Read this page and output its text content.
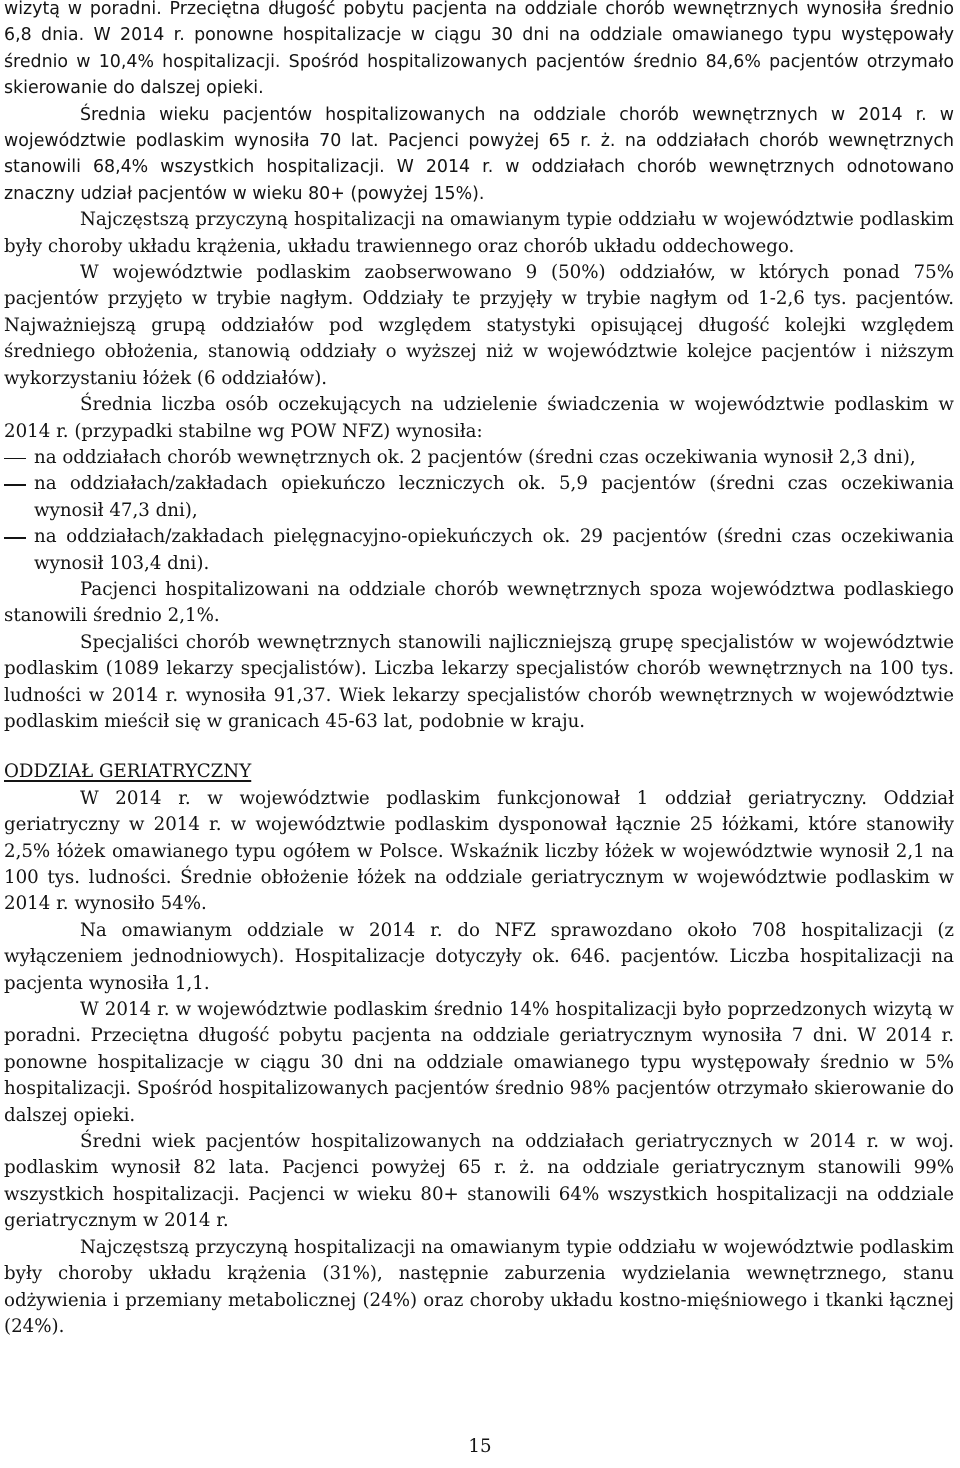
wizytą w poradni. Przeciętna długość pobytu pacjenta na oddziale chorób wewnętrznych wynosiła średnio 6,8 dnia. W 2014 r. ponowne hospitalizacje w ciągu 30 dni na oddziale omawianego typu występowały średnio w 10,4% hospitalizacji. Spośród hospitalizowanych pacjentów średnio 84,6% pacjentów otrzymało skierowanie do dalszej opieki.

Średnia wieku pacjentów hospitalizowanych na oddziale chorób wewnętrznych w 2014 r. w województwie podlaskim wynosiła 70 lat. Pacjenci powyżej 65 r. ż. na oddziałach chorób wewnętrznych stanowili 68,4% wszystkich hospitalizacji. W 2014 r. w oddziałach chorób wewnętrznych odnotowano znaczny udział pacjentów w wieku 80+ (powyżej 15%).

Najczęstszą przyczyną hospitalizacji na omawianym typie oddziału w województwie podlaskim były choroby układu krążenia, układu trawiennego oraz chorób układu oddechowego.

W województwie podlaskim zaobserwowano 9 (50%) oddziałów, w których ponad 75% pacjentów przyjęto w trybie nagłym. Oddziały te przyjęły w trybie nagłym od 1-2,6 tys. pacjentów. Najważniejszą grupą oddziałów pod względem statystyki opisującej długość kolejki względem średniego obłożenia, stanowią oddziały o wyższej niż w województwie kolejce pacjentów i niższym wykorzystaniu łóżek (6 oddziałów).

Średnia liczba osób oczekujących na udzielenie świadczenia w województwie podlaskim w 2014 r. (przypadki stabilne wg POW NFZ) wynosiła:

na oddziałach chorób wewnętrznych ok. 2 pacjentów (średni czas oczekiwania wynosił 2,3 dni),
na oddziałach/zakładach opiekuńczo leczniczych ok. 5,9 pacjentów (średni czas oczekiwania wynosił 47,3 dni),
na oddziałach/zakładach pielęgnacyjno-opiekuńczych ok. 29 pacjentów (średni czas oczekiwania wynosił 103,4 dni).

Pacjenci hospitalizowani na oddziale chorób wewnętrznych spoza województwa podlaskiego stanowili średnio 2,1%.

Specjaliści chorób wewnętrznych stanowili najliczniejszą grupę specjalistów w województwie podlaskim (1089 lekarzy specjalistów). Liczba lekarzy specjalistów chorób wewnętrznych na 100 tys. ludności w 2014 r. wynosiła 91,37. Wiek lekarzy specjalistów chorób wewnętrznych w województwie podlaskim mieścił się w granicach 45-63 lat, podobnie w kraju.

ODDZIAŁ GERIATRYCZNY

W 2014 r. w województwie podlaskim funkcjonował 1 oddział geriatryczny. Oddział geriatryczny w 2014 r. w województwie podlaskim dysponował łącznie 25 łóżkami, które stanowiły 2,5% łóżek omawianego typu ogółem w Polsce. Wskaźnik liczby łóżek w województwie wynosił 2,1 na 100 tys. ludności. Średnie obłożenie łóżek na oddziale geriatrycznym w województwie podlaskim w 2014 r. wynosiło 54%.

Na omawianym oddziale w 2014 r. do NFZ sprawozdano około 708 hospitalizacji (z wyłączeniem jednodniowych). Hospitalizacje dotyczyły ok. 646. pacjentów. Liczba hospitalizacji na pacjenta wynosiła 1,1.

W 2014 r. w województwie podlaskim średnio 14% hospitalizacji było poprzedzonych wizytą w poradni. Przeciętna długość pobytu pacjenta na oddziale geriatrycznym wynosiła 7 dni. W 2014 r. ponowne hospitalizacje w ciągu 30 dni na oddziale omawianego typu występowały średnio w 5% hospitalizacji. Spośród hospitalizowanych pacjentów średnio 98% pacjentów otrzymało skierowanie do dalszej opieki.

Średni wiek pacjentów hospitalizowanych na oddziałach geriatrycznych w 2014 r. w woj. podlaskim wynosił 82 lata. Pacjenci powyżej 65 r. ż. na oddziale geriatrycznym stanowili 99% wszystkich hospitalizacji. Pacjenci w wieku 80+ stanowili 64% wszystkich hospitalizacji na oddziale geriatrycznym w 2014 r.

Najczęstszą przyczyną hospitalizacji na omawianym typie oddziału w województwie podlaskim były choroby układu krążenia (31%), następnie zaburzenia wydzielania wewnętrznego, stanu odżywienia i przemiany metabolicznej (24%) oraz choroby układu kostno-mięśniowego i tkanki łącznej (24%).

15
